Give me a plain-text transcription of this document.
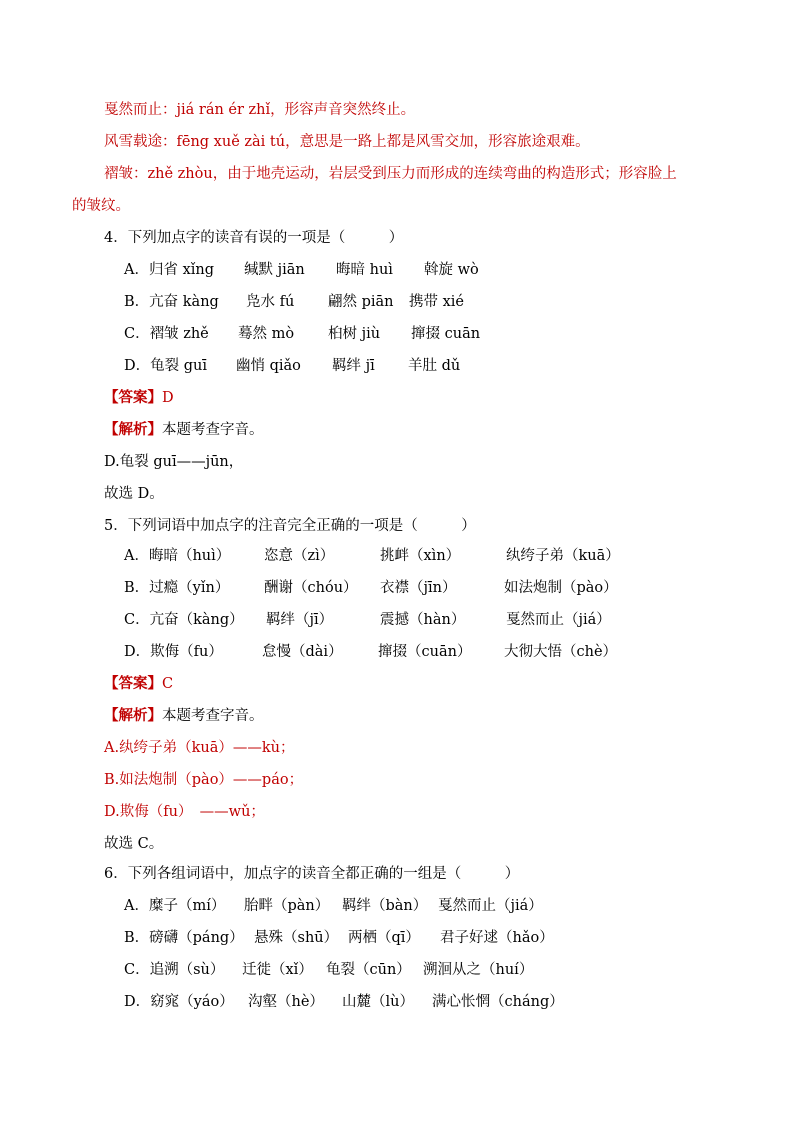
戛然而止：jiá rán ér zhǐ，形容声音突然终止。
风雪载途：fēng xuě zài tú，意思是一路上都是风雪交加，形容旅途艰难。
褶皱：zhě zhòu，由于地壳运动，岩层受到压力而形成的连续弯曲的构造形式；形容脸上
的皱纹。
4．下列加点字的读音有误的一项是（　　　）
A．归省 xǐng 缄默 jiān 晦暗 huì 斡旋 wò
B．亢奋 kàng 凫水 fú 翩然 piān 携带 xié
C．褶皱 zhě 蓦然 mò 桕树 jiù 撺掇 cuān
D．龟裂 guī 幽悄 qiǎo 羁绊 jī 羊肚 dǔ
【答案】D
【解析】本题考查字音。
D.龟裂 guī——jūn，
故选 D。
5．下列词语中加点字的注音完全正确的一项是（　　　）
A．晦暗（huì） 恣意（zì）	挑衅（xìn）	纨绔子弟（kuā）
B．过瘾（yǐn） 酬谢（chóu） 衣襟（jīn）	如法炮制（pào）
C．亢奋（kàng） 羁绊（jī）	震撼（hàn）	戛然而止（jiá）
D．欺侮（fu）	怠慢（dài） 撺掇（cuān） 大彻大悟（chè）
【答案】C
【解析】本题考查字音。
A.纨绔子弟（kuā）——kù；
B.如法炮制（pào）——páo；
D.欺侮（fu）　——wǔ；
故选 C。
6．下列各组词语中，加点字的读音全都正确的一组是（　　　）
A．糜子（mí） 胎畔（pàn） 羁绊（bàn） 戛然而止（jiá）
B．磅礴（páng） 悬殊（shū） 两栖（qī） 君子好逑（hǎo）
C．追溯（sù） 迁徙（xǐ） 龟裂（cūn） 溯洄从之（huí）
D．窈窕（yáo） 沟壑（hè） 山麓（lù） 满心怅惘（cháng）
